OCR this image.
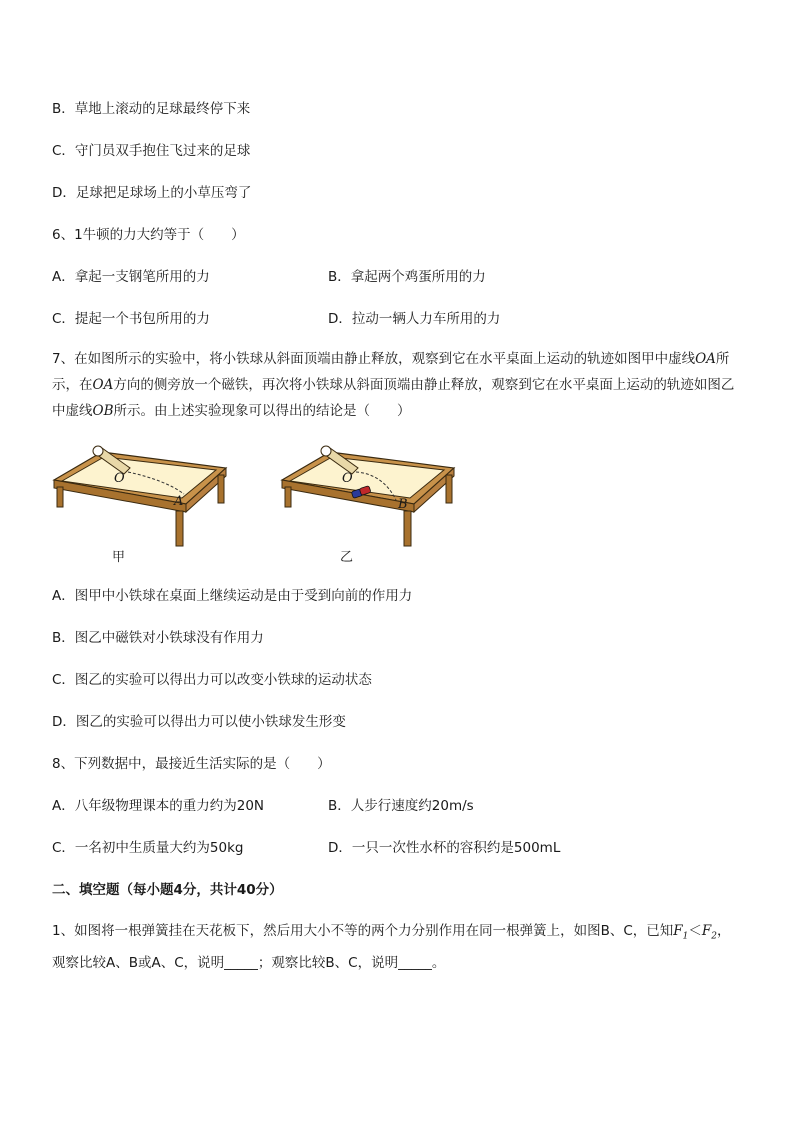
B．草地上滚动的足球最终停下来
C．守门员双手抱住飞过来的足球
D．足球把足球场上的小草压弯了
6、1牛顿的力大约等于（　　）
A．拿起一支钢笔所用的力	B．拿起两个鸡蛋所用的力
C．提起一个书包所用的力	D．拉动一辆人力车所用的力
7、在如图所示的实验中，将小铁球从斜面顶端由静止释放，观察到它在水平桌面上运动的轨迹如图甲中虚线OA所示，在OA方向的侧旁放一个磁铁，再次将小铁球从斜面顶端由静止释放，观察到它在水平桌面上运动的轨迹如图乙中虚线OB所示。由上述实验现象可以得出的结论是（　　）
O
A
甲
O
B
乙
A．图甲中小铁球在桌面上继续运动是由于受到向前的作用力
B．图乙中磁铁对小铁球没有作用力
C．图乙的实验可以得出力可以改变小铁球的运动状态
D．图乙的实验可以得出力可以使小铁球发生形变
8、下列数据中，最接近生活实际的是（　　）
A．八年级物理课本的重力约为20N	B．人步行速度约20m/s
C．一名初中生质量大约为50kg	D．一只一次性水杯的容积约是500mL
二、填空题（每小题4分，共计40分）
1、如图将一根弹簧挂在天花板下，然后用大小不等的两个力分别作用在同一根弹簧上，如图B、C，已知$F_1<F_2$，观察比较A、B或A、C，说明_____；观察比较B、C，说明_____。
